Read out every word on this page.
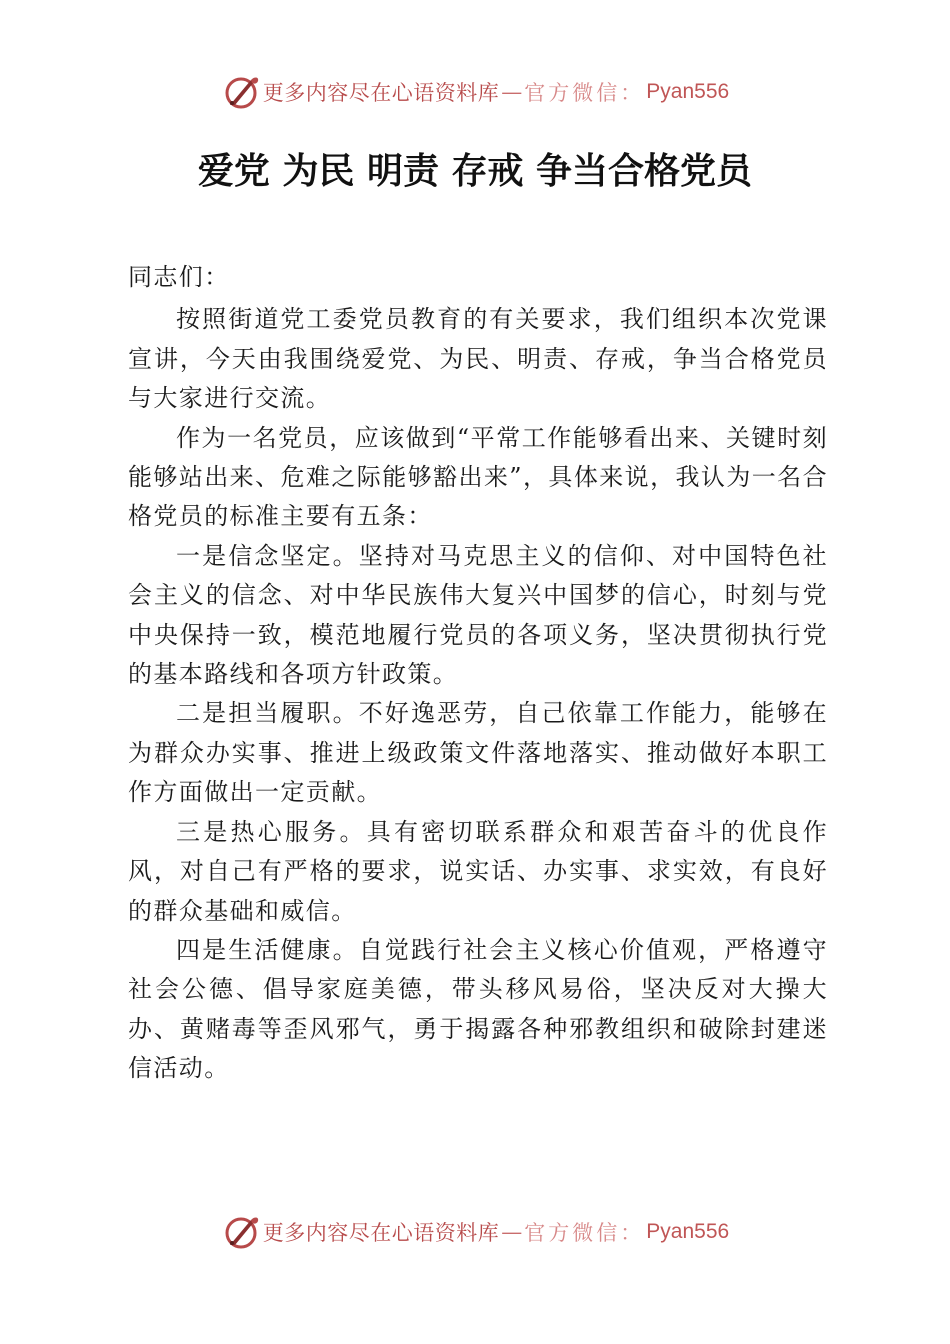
更多内容尽在心语资料库 — 官方微信： Pyan556
爱党 为民 明责 存戒 争当合格党员

同志们：

按照街道党工委党员教育的有关要求，我们组织本次党课宣讲，今天由我围绕爱党、为民、明责、存戒，争当合格党员与大家进行交流。

作为一名党员，应该做到“平常工作能够看出来、关键时刻能够站出来、危难之际能够豁出来”，具体来说，我认为一名合格党员的标准主要有五条：

一是信念坚定。坚持对马克思主义的信仰、对中国特色社会主义的信念、对中华民族伟大复兴中国梦的信心，时刻与党中央保持一致，模范地履行党员的各项义务，坚决贯彻执行党的基本路线和各项方针政策。

二是担当履职。不好逸恶劳，自己依靠工作能力，能够在为群众办实事、推进上级政策文件落地落实、推动做好本职工作方面做出一定贡献。

三是热心服务。具有密切联系群众和艰苦奋斗的优良作风，对自己有严格的要求，说实话、办实事、求实效，有良好的群众基础和威信。

四是生活健康。自觉践行社会主义核心价值观，严格遵守社会公德、倡导家庭美德，带头移风易俗，坚决反对大操大办、黄赌毒等歪风邪气，勇于揭露各种邪教组织和破除封建迷信活动。

更多内容尽在心语资料库 — 官方微信： Pyan556
